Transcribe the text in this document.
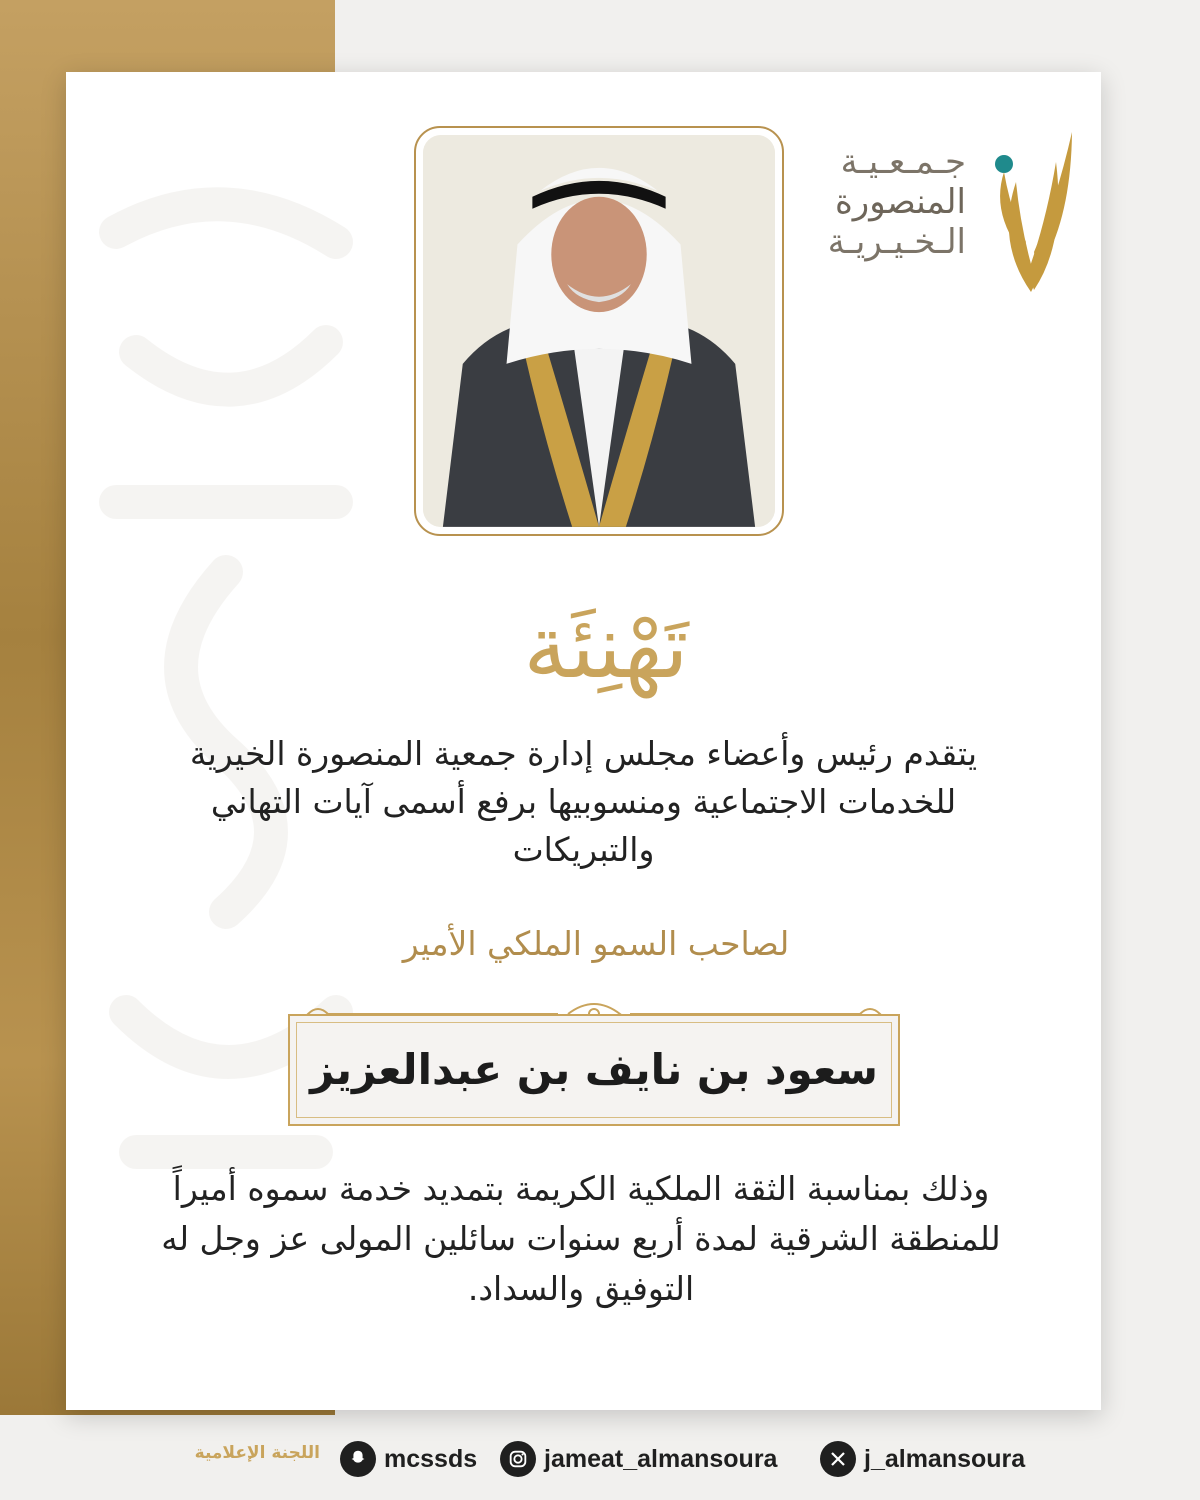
جـمـعـيـة
المنصورة
الـخـيـريـة
تَهْنِئَة
يتقدم رئيس وأعضاء مجلس إدارة جمعية المنصورة الخيرية
للخدمات الاجتماعية ومنسوبيها برفع أسمى آيات التهاني
والتبريكات
لصاحب السمو الملكي الأمير
سعود بن نايف بن عبدالعزيز
وذلك بمناسبة الثقة الملكية الكريمة بتمديد خدمة سموه أميراً
للمنطقة الشرقية لمدة أربع سنوات سائلين المولى عز وجل له
التوفيق والسداد.
اللجنة الإعلامية	mcssds	jameat_almansoura	j_almansoura
